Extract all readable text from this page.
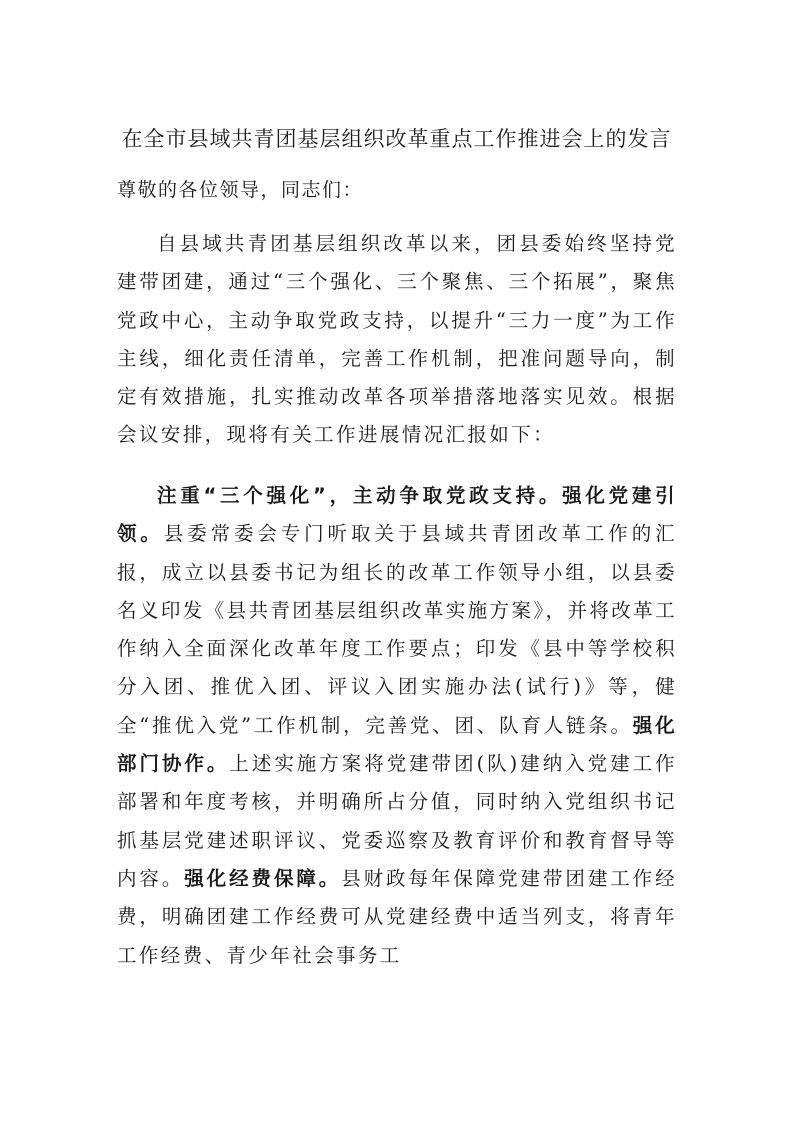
在全市县域共青团基层组织改革重点工作推进会上的发言
尊敬的各位领导，同志们：

自县域共青团基层组织改革以来，团县委始终坚持党建带团建，通过“三个强化、三个聚焦、三个拓展”，聚焦党政中心，主动争取党政支持，以提升“三力一度”为工作主线，细化责任清单，完善工作机制，把准问题导向，制定有效措施，扎实推动改革各项举措落地落实见效。根据会议安排，现将有关工作进展情况汇报如下：

注重“三个强化”，主动争取党政支持。强化党建引领。县委常委会专门听取关于县域共青团改革工作的汇报，成立以县委书记为组长的改革工作领导小组，以县委名义印发《县共青团基层组织改革实施方案》，并将改革工作纳入全面深化改革年度工作要点；印发《县中等学校积分入团、推优入团、评议入团实施办法(试行)》等，健全“推优入党”工作机制，完善党、团、队育人链条。强化部门协作。上述实施方案将党建带团(队)建纳入党建工作部署和年度考核，并明确所占分值，同时纳入党组织书记抓基层党建述职评议、党委巡察及教育评价和教育督导等内容。强化经费保障。县财政每年保障党建带团建工作经费，明确团建工作经费可从党建经费中适当列支，将青年工作经费、青少年社会事务工
